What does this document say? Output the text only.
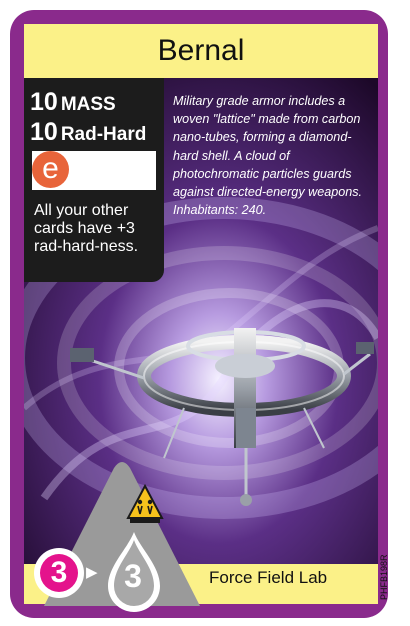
Bernal
10 MASS
10 Rad-Hard
e
All your other cards have +3 rad-hard-ness.

Military grade armor includes a woven "lattice" made from carbon nano-tubes, forming a diamond-hard shell. A cloud of photochromatic particles guards against directed-energy weapons.

Inhabitants: 240.

3	▶ 3	Force Field Lab	PHFB198R
